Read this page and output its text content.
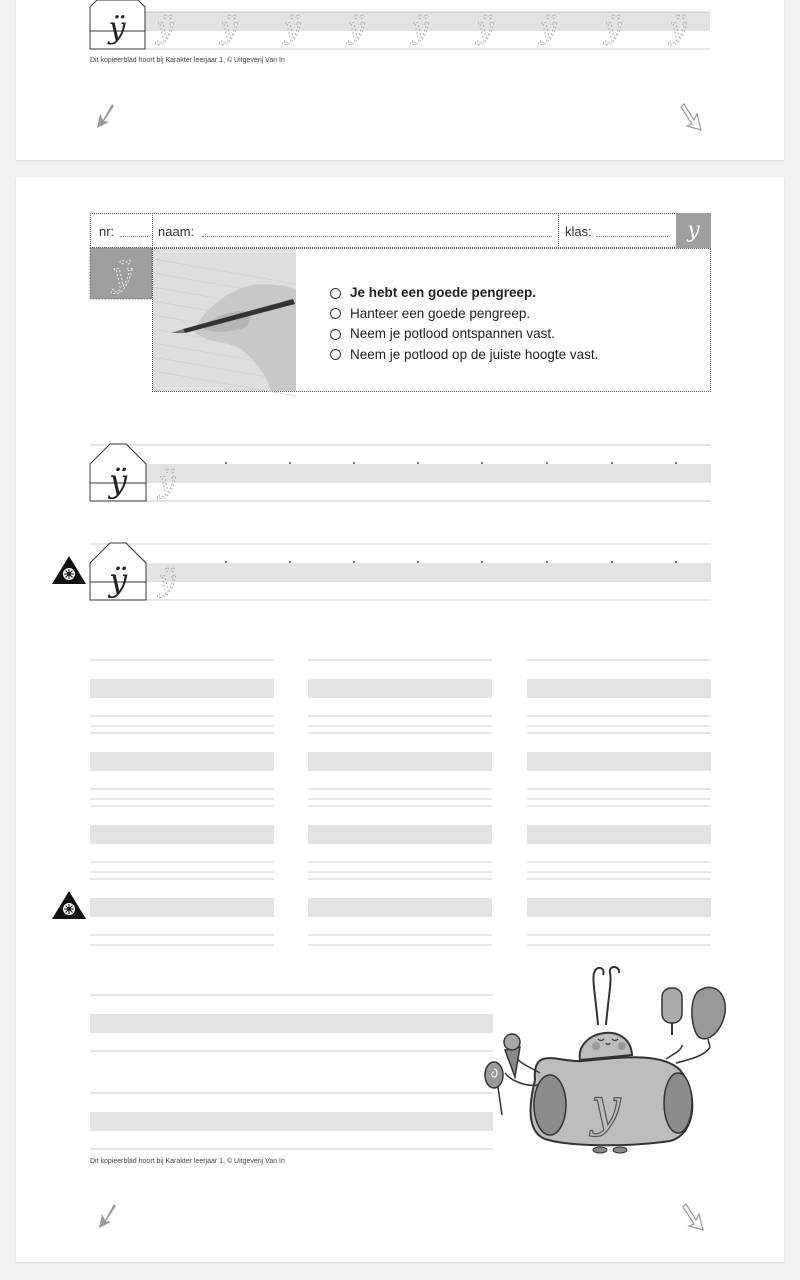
ÿ ÿ ÿ ÿ ÿ ÿ ÿ ÿ ÿ ÿ
Dit kopieerblad hoort bij Karakter leerjaar 1, © Uitgeverij Van In
nr:	naam:	klas:	y
ÿ	Je hebt een goede pengreep.
Hanteer een goede pengreep.
Neem je potlood ontspannen vast.
Neem je potlood op de juiste hoogte vast.
ÿ ÿ
ÿ ÿ
y
Dit kopieerblad hoort bij Karakter leerjaar 1, © Uitgeverij Van In
